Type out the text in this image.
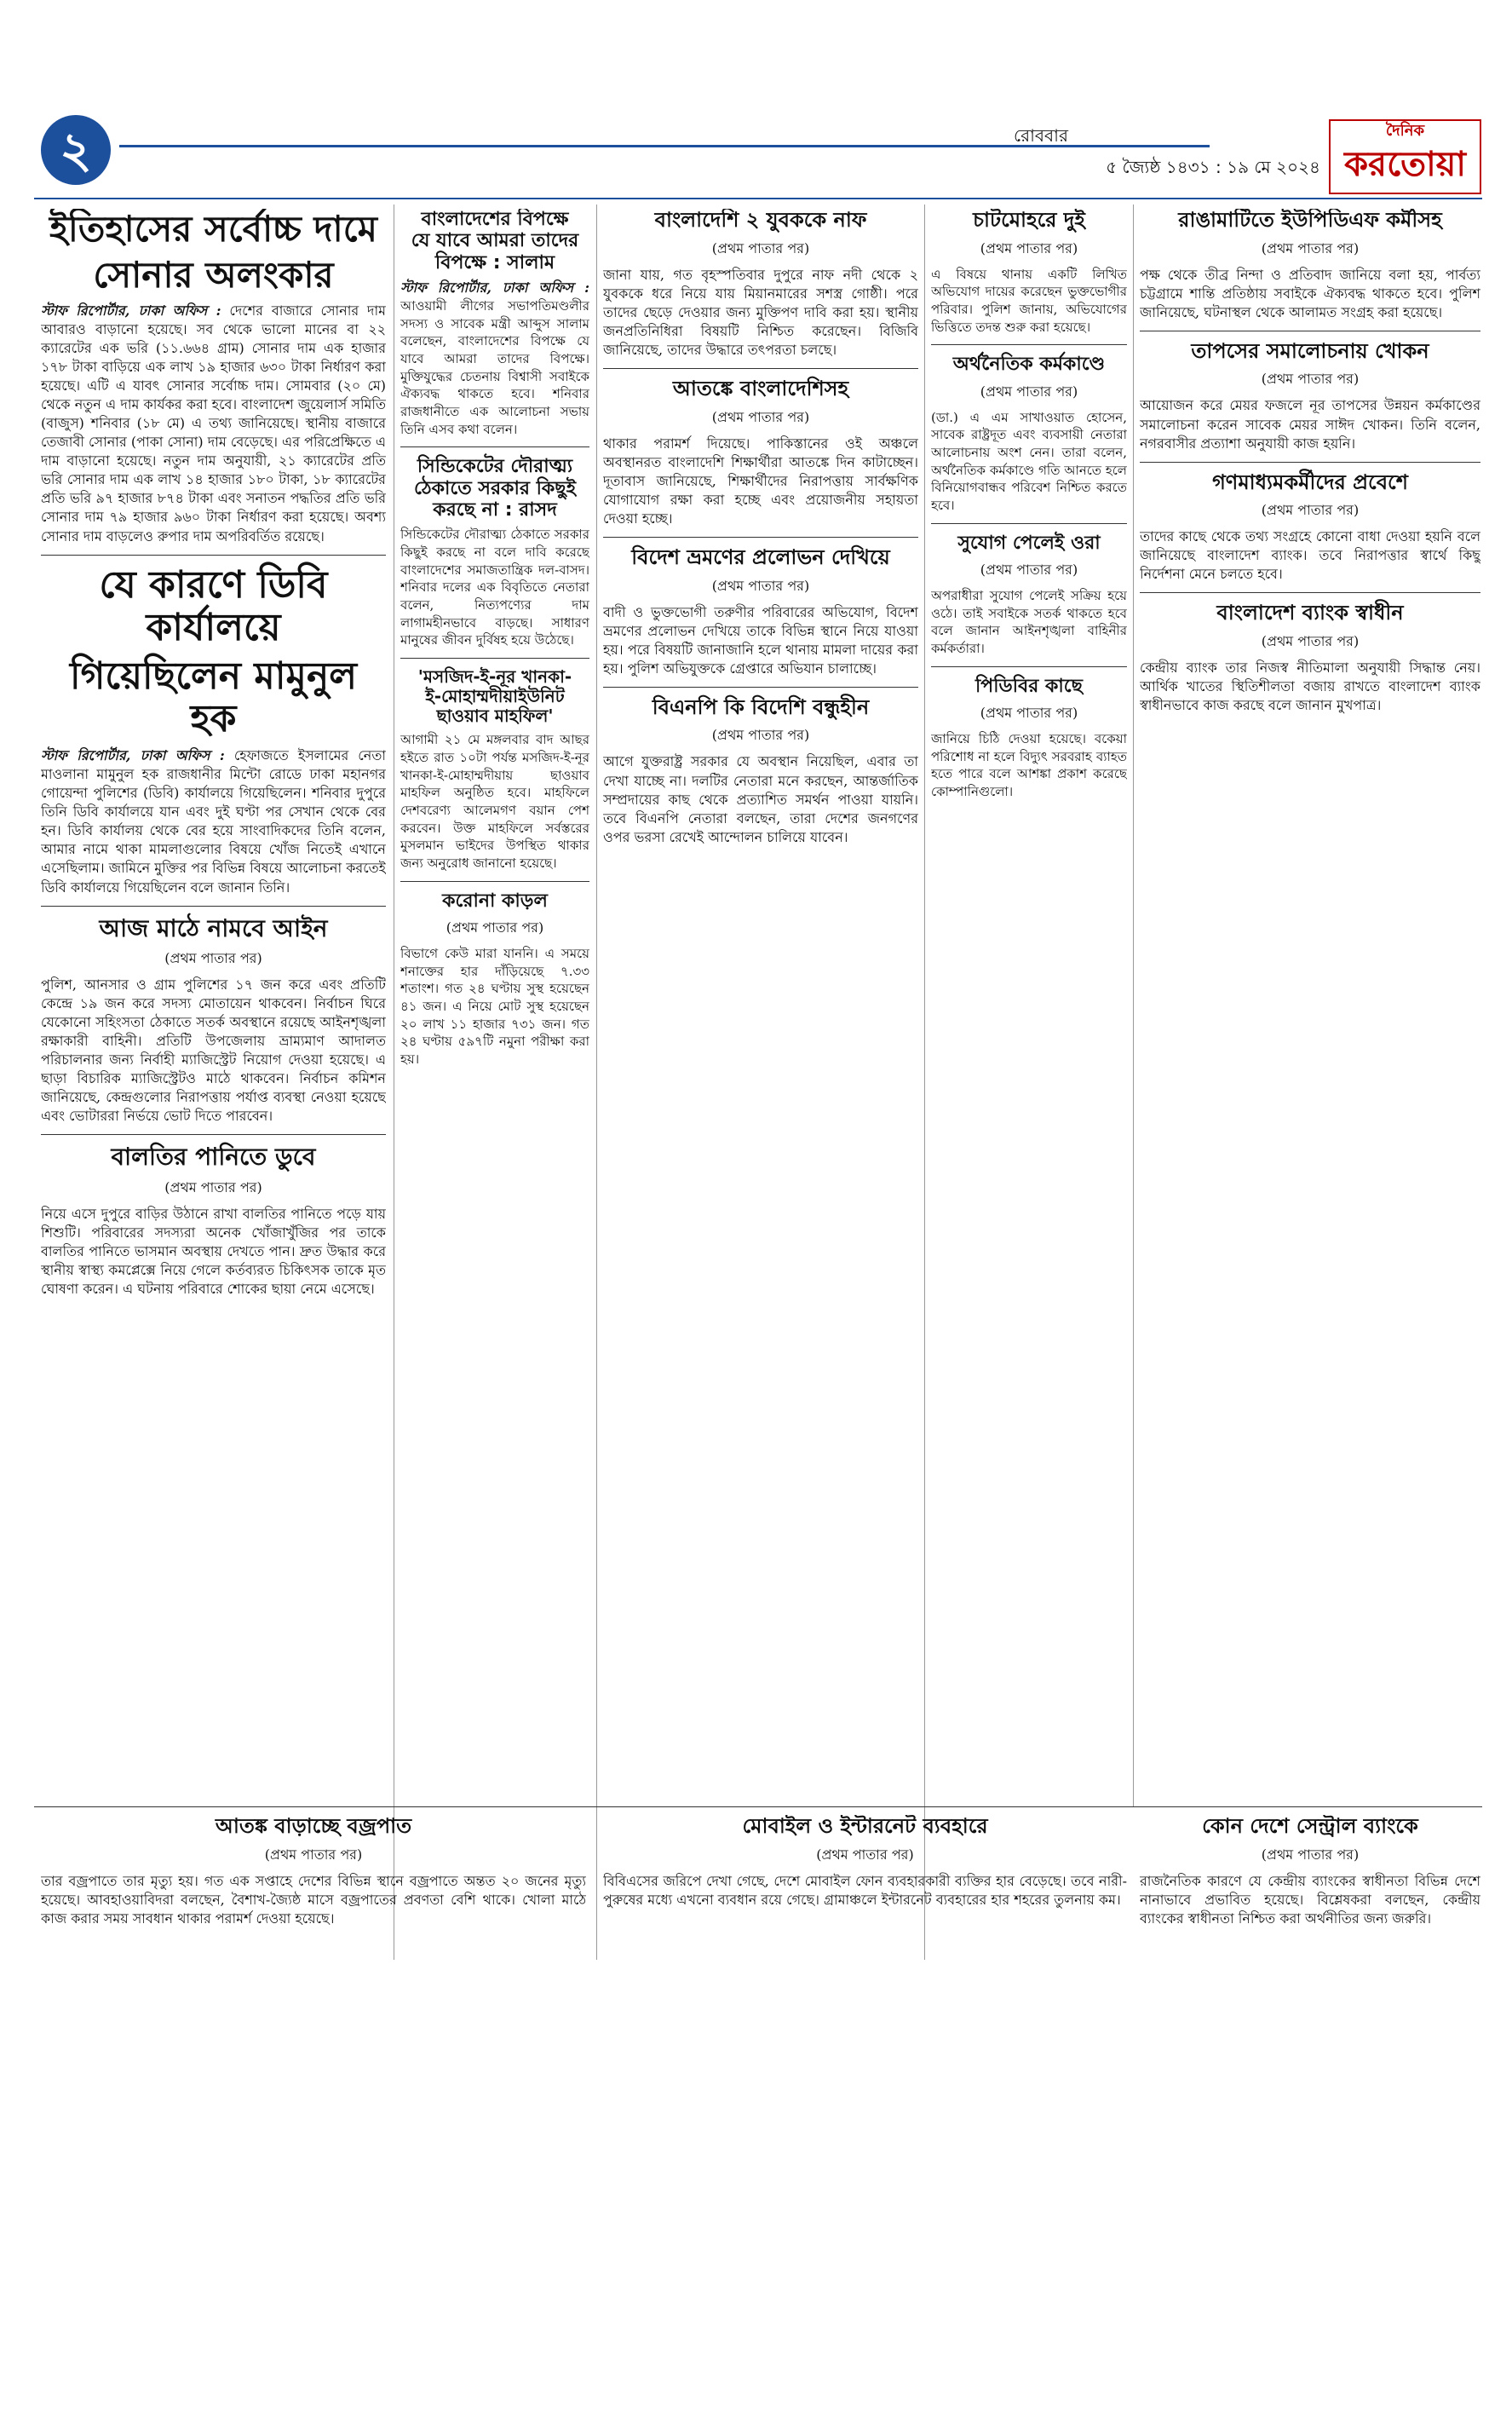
২	রোববার
৫ জ্যৈষ্ঠ ১৪৩১ : ১৯ মে ২০২৪
দৈনিক
করতোয়া
ইতিহাসের সর্বোচ্চ দামে
সোনার অলংকার

স্টাফ রিপোর্টার, ঢাকা অফিস : দেশের বাজারে সোনার দাম আবারও বাড়ানো হয়েছে। সব থেকে ভালো মানের বা ২২ ক্যারেটের এক ভরি (১১.৬৬৪ গ্রাম) সোনার দাম এক হাজার ১৭৮ টাকা বাড়িয়ে এক লাখ ১৯ হাজার ৬৩০ টাকা নির্ধারণ করা হয়েছে। এটি এ যাবৎ সোনার সর্বোচ্চ দাম। সোমবার (২০ মে) থেকে নতুন এ দাম কার্যকর করা হবে। বাংলাদেশ জুয়েলার্স সমিতি (বাজুস) শনিবার (১৮ মে) এ তথ্য জানিয়েছে। স্থানীয় বাজারে তেজাবী সোনার (পাকা সোনা) দাম বেড়েছে। এর পরিপ্রেক্ষিতে এ দাম বাড়ানো হয়েছে। নতুন দাম অনুযায়ী, ২১ ক্যারেটের প্রতি ভরি সোনার দাম এক লাখ ১৪ হাজার ১৮০ টাকা, ১৮ ক্যারেটের প্রতি ভরি ৯৭ হাজার ৮৭৪ টাকা এবং সনাতন পদ্ধতির প্রতি ভরি সোনার দাম ৭৯ হাজার ৯৬০ টাকা নির্ধারণ করা হয়েছে। অবশ্য সোনার দাম বাড়লেও রুপার দাম অপরিবর্তিত রয়েছে।

যে কারণে ডিবি কার্যালয়ে
গিয়েছিলেন মামুনুল হক

স্টাফ রিপোর্টার, ঢাকা অফিস : হেফাজতে ইসলামের নেতা মাওলানা মামুনুল হক রাজধানীর মিন্টো রোডে ঢাকা মহানগর গোয়েন্দা পুলিশের (ডিবি) কার্যালয়ে গিয়েছিলেন। শনিবার দুপুরে তিনি ডিবি কার্যালয়ে যান এবং দুই ঘণ্টা পর সেখান থেকে বের হন। ডিবি কার্যালয় থেকে বের হয়ে সাংবাদিকদের তিনি বলেন, আমার নামে থাকা মামলাগুলোর বিষয়ে খোঁজ নিতেই এখানে এসেছিলাম। জামিনে মুক্তির পর বিভিন্ন বিষয়ে আলোচনা করতেই ডিবি কার্যালয়ে গিয়েছিলেন বলে জানান তিনি।

আজ মাঠে নামবে আইন
(প্রথম পাতার পর)

পুলিশ, আনসার ও গ্রাম পুলিশের ১৭ জন করে এবং প্রতিটি কেন্দ্রে ১৯ জন করে সদস্য মোতায়েন থাকবেন। নির্বাচন ঘিরে যেকোনো সহিংসতা ঠেকাতে সতর্ক অবস্থানে রয়েছে আইনশৃঙ্খলা রক্ষাকারী বাহিনী। প্রতিটি উপজেলায় ভ্রাম্যমাণ আদালত পরিচালনার জন্য নির্বাহী ম্যাজিস্ট্রেট নিয়োগ দেওয়া হয়েছে। এ ছাড়া বিচারিক ম্যাজিস্ট্রেটও মাঠে থাকবেন। নির্বাচন কমিশন জানিয়েছে, কেন্দ্রগুলোর নিরাপত্তায় পর্যাপ্ত ব্যবস্থা নেওয়া হয়েছে এবং ভোটাররা নির্ভয়ে ভোট দিতে পারবেন।

বালতির পানিতে ডুবে
(প্রথম পাতার পর)

নিয়ে এসে দুপুরে বাড়ির উঠানে রাখা বালতির পানিতে পড়ে যায় শিশুটি। পরিবারের সদস্যরা অনেক খোঁজাখুঁজির পর তাকে বালতির পানিতে ভাসমান অবস্থায় দেখতে পান। দ্রুত উদ্ধার করে স্থানীয় স্বাস্থ্য কমপ্লেক্সে নিয়ে গেলে কর্তব্যরত চিকিৎসক তাকে মৃত ঘোষণা করেন। এ ঘটনায় পরিবারে শোকের ছায়া নেমে এসেছে।

বাংলাদেশের বিপক্ষে
যে যাবে আমরা তাদের
বিপক্ষে : সালাম

স্টাফ রিপোর্টার, ঢাকা অফিস : আওয়ামী লীগের সভাপতিমণ্ডলীর সদস্য ও সাবেক মন্ত্রী আব্দুস সালাম বলেছেন, বাংলাদেশের বিপক্ষে যে যাবে আমরা তাদের বিপক্ষে। মুক্তিযুদ্ধের চেতনায় বিশ্বাসী সবাইকে ঐক্যবদ্ধ থাকতে হবে। শনিবার রাজধানীতে এক আলোচনা সভায় তিনি এসব কথা বলেন।

সিন্ডিকেটের দৌরাত্ম্য
ঠেকাতে সরকার কিছুই
করছে না : রাসদ

সিন্ডিকেটের দৌরাত্ম্য ঠেকাতে সরকার কিছুই করছে না বলে দাবি করেছে বাংলাদেশের সমাজতান্ত্রিক দল-বাসদ। শনিবার দলের এক বিবৃতিতে নেতারা বলেন, নিত্যপণ্যের দাম লাগামহীনভাবে বাড়ছে। সাধারণ মানুষের জীবন দুর্বিষহ হয়ে উঠেছে।

'মসজিদ-ই-নূর খানকা-
ই-মোহাম্মদীয়াইউনিট
ছাওয়াব মাহফিল'

আগামী ২১ মে মঙ্গলবার বাদ আছর হইতে রাত ১০টা পর্যন্ত মসজিদ-ই-নূর খানকা-ই-মোহাম্মদীয়ায় ছাওয়াব মাহফিল অনুষ্ঠিত হবে। মাহফিলে দেশবরেণ্য আলেমগণ বয়ান পেশ করবেন। উক্ত মাহফিলে সর্বস্তরের মুসলমান ভাইদের উপস্থিত থাকার জন্য অনুরোধ জানানো হয়েছে।

করোনা কাড়ল
(প্রথম পাতার পর)

বিভাগে কেউ মারা যাননি। এ সময়ে শনাক্তের হার দাঁড়িয়েছে ৭.৩৩ শতাংশ। গত ২৪ ঘণ্টায় সুস্থ হয়েছেন ৪১ জন। এ নিয়ে মোট সুস্থ হয়েছেন ২০ লাখ ১১ হাজার ৭৩১ জন। গত ২৪ ঘণ্টায় ৫৯৭টি নমুনা পরীক্ষা করা হয়।

বাংলাদেশি ২ যুবককে নাফ
(প্রথম পাতার পর)

জানা যায়, গত বৃহস্পতিবার দুপুরে নাফ নদী থেকে ২ যুবককে ধরে নিয়ে যায় মিয়ানমারের সশস্ত্র গোষ্ঠী। পরে তাদের ছেড়ে দেওয়ার জন্য মুক্তিপণ দাবি করা হয়। স্থানীয় জনপ্রতিনিধিরা বিষয়টি নিশ্চিত করেছেন। বিজিবি জানিয়েছে, তাদের উদ্ধারে তৎপরতা চলছে।

আতঙ্কে বাংলাদেশিসহ
(প্রথম পাতার পর)

থাকার পরামর্শ দিয়েছে। পাকিস্তানের ওই অঞ্চলে অবস্থানরত বাংলাদেশি শিক্ষার্থীরা আতঙ্কে দিন কাটাচ্ছেন। দূতাবাস জানিয়েছে, শিক্ষার্থীদের নিরাপত্তায় সার্বক্ষণিক যোগাযোগ রক্ষা করা হচ্ছে এবং প্রয়োজনীয় সহায়তা দেওয়া হচ্ছে।

বিদেশ ভ্রমণের প্রলোভন দেখিয়ে
(প্রথম পাতার পর)

বাদী ও ভুক্তভোগী তরুণীর পরিবারের অভিযোগ, বিদেশ ভ্রমণের প্রলোভন দেখিয়ে তাকে বিভিন্ন স্থানে নিয়ে যাওয়া হয়। পরে বিষয়টি জানাজানি হলে থানায় মামলা দায়ের করা হয়। পুলিশ অভিযুক্তকে গ্রেপ্তারে অভিযান চালাচ্ছে।

বিএনপি কি বিদেশি বন্ধুহীন
(প্রথম পাতার পর)

আগে যুক্তরাষ্ট্র সরকার যে অবস্থান নিয়েছিল, এবার তা দেখা যাচ্ছে না। দলটির নেতারা মনে করছেন, আন্তর্জাতিক সম্প্রদায়ের কাছ থেকে প্রত্যাশিত সমর্থন পাওয়া যায়নি। তবে বিএনপি নেতারা বলছেন, তারা দেশের জনগণের ওপর ভরসা রেখেই আন্দোলন চালিয়ে যাবেন।

চাটমোহরে দুই
(প্রথম পাতার পর)

এ বিষয়ে থানায় একটি লিখিত অভিযোগ দায়ের করেছেন ভুক্তভোগীর পরিবার। পুলিশ জানায়, অভিযোগের ভিত্তিতে তদন্ত শুরু করা হয়েছে।

অর্থনৈতিক কর্মকাণ্ডে
(প্রথম পাতার পর)

(ডা.) এ এম সাখাওয়াত হোসেন, সাবেক রাষ্ট্রদূত এবং ব্যবসায়ী নেতারা আলোচনায় অংশ নেন। তারা বলেন, অর্থনৈতিক কর্মকাণ্ডে গতি আনতে হলে বিনিয়োগবান্ধব পরিবেশ নিশ্চিত করতে হবে।

সুযোগ পেলেই ওরা
(প্রথম পাতার পর)

অপরাধীরা সুযোগ পেলেই সক্রিয় হয়ে ওঠে। তাই সবাইকে সতর্ক থাকতে হবে বলে জানান আইনশৃঙ্খলা বাহিনীর কর্মকর্তারা।

পিডিবির কাছে
(প্রথম পাতার পর)

জানিয়ে চিঠি দেওয়া হয়েছে। বকেয়া পরিশোধ না হলে বিদ্যুৎ সরবরাহ ব্যাহত হতে পারে বলে আশঙ্কা প্রকাশ করেছে কোম্পানিগুলো।

রাঙামাটিতে ইউপিডিএফ কর্মীসহ
(প্রথম পাতার পর)

পক্ষ থেকে তীব্র নিন্দা ও প্রতিবাদ জানিয়ে বলা হয়, পার্বত্য চট্টগ্রামে শান্তি প্রতিষ্ঠায় সবাইকে ঐক্যবদ্ধ থাকতে হবে। পুলিশ জানিয়েছে, ঘটনাস্থল থেকে আলামত সংগ্রহ করা হয়েছে।

তাপসের সমালোচনায় খোকন
(প্রথম পাতার পর)

আয়োজন করে মেয়র ফজলে নূর তাপসের উন্নয়ন কর্মকাণ্ডের সমালোচনা করেন সাবেক মেয়র সাঈদ খোকন। তিনি বলেন, নগরবাসীর প্রত্যাশা অনুযায়ী কাজ হয়নি।

গণমাধ্যমকর্মীদের প্রবেশে
(প্রথম পাতার পর)

তাদের কাছে থেকে তথ্য সংগ্রহে কোনো বাধা দেওয়া হয়নি বলে জানিয়েছে বাংলাদেশ ব্যাংক। তবে নিরাপত্তার স্বার্থে কিছু নির্দেশনা মেনে চলতে হবে।

বাংলাদেশ ব্যাংক স্বাধীন
(প্রথম পাতার পর)

কেন্দ্রীয় ব্যাংক তার নিজস্ব নীতিমালা অনুযায়ী সিদ্ধান্ত নেয়। আর্থিক খাতের স্থিতিশীলতা বজায় রাখতে বাংলাদেশ ব্যাংক স্বাধীনভাবে কাজ করছে বলে জানান মুখপাত্র।

আতঙ্ক বাড়াচ্ছে বজ্রপাত
(প্রথম পাতার পর)

তার বজ্রপাতে তার মৃত্যু হয়। গত এক সপ্তাহে দেশের বিভিন্ন স্থানে বজ্রপাতে অন্তত ২০ জনের মৃত্যু হয়েছে। আবহাওয়াবিদরা বলছেন, বৈশাখ-জ্যৈষ্ঠ মাসে বজ্রপাতের প্রবণতা বেশি থাকে। খোলা মাঠে কাজ করার সময় সাবধান থাকার পরামর্শ দেওয়া হয়েছে।

মোবাইল ও ইন্টারনেট ব্যবহারে
(প্রথম পাতার পর)

বিবিএসের জরিপে দেখা গেছে, দেশে মোবাইল ফোন ব্যবহারকারী ব্যক্তির হার বেড়েছে। তবে নারী-পুরুষের মধ্যে এখনো ব্যবধান রয়ে গেছে। গ্রামাঞ্চলে ইন্টারনেট ব্যবহারের হার শহরের তুলনায় কম।

কোন দেশে সেন্ট্রাল ব্যাংকে
(প্রথম পাতার পর)

রাজনৈতিক কারণে যে কেন্দ্রীয় ব্যাংকের স্বাধীনতা বিভিন্ন দেশে নানাভাবে প্রভাবিত হয়েছে। বিশ্লেষকরা বলছেন, কেন্দ্রীয় ব্যাংকের স্বাধীনতা নিশ্চিত করা অর্থনীতির জন্য জরুরি।
